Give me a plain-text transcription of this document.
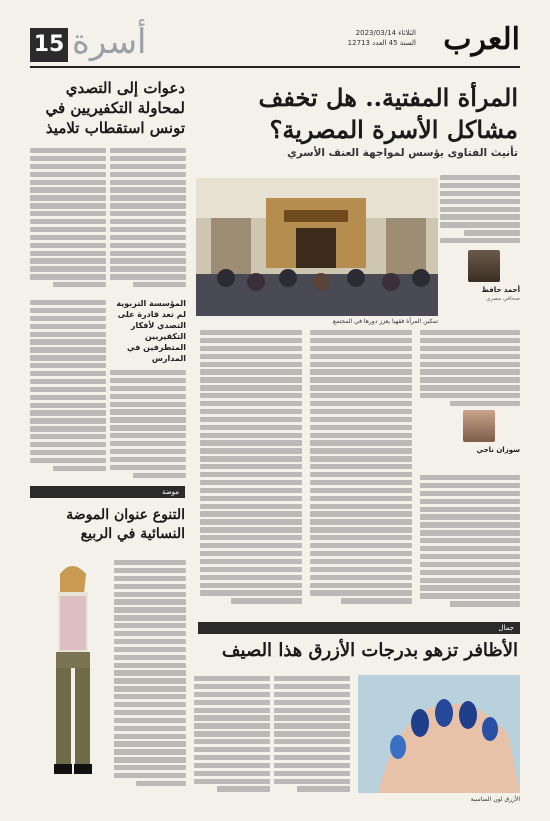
العرب
الثلاثاء 2023/03/14
السنة 45 العدد 12713
أسرة
15
المرأة المفتية.. هل تخفف مشاكل الأسرة المصرية؟
تأنيث الفتاوى يؤسس لمواجهة العنف الأسري
أحمد حافظ
صحافي مصري
تمكين المرأة فقهيا يعزز دورها في المجتمع
سوزان ناجي
دعوات إلى التصدي لمحاولة التكفيريين في تونس استقطاب تلاميذ
المؤسسة التربوية لم تعد قادرة على التصدي لأفكار التكفيريين المتطرفين في المدارس
موضة
التنوع عنوان الموضة النسائية في الربيع
جمال
الأظافر تزهو بدرجات الأزرق هذا الصيف
الأزرق لون المناسبة
